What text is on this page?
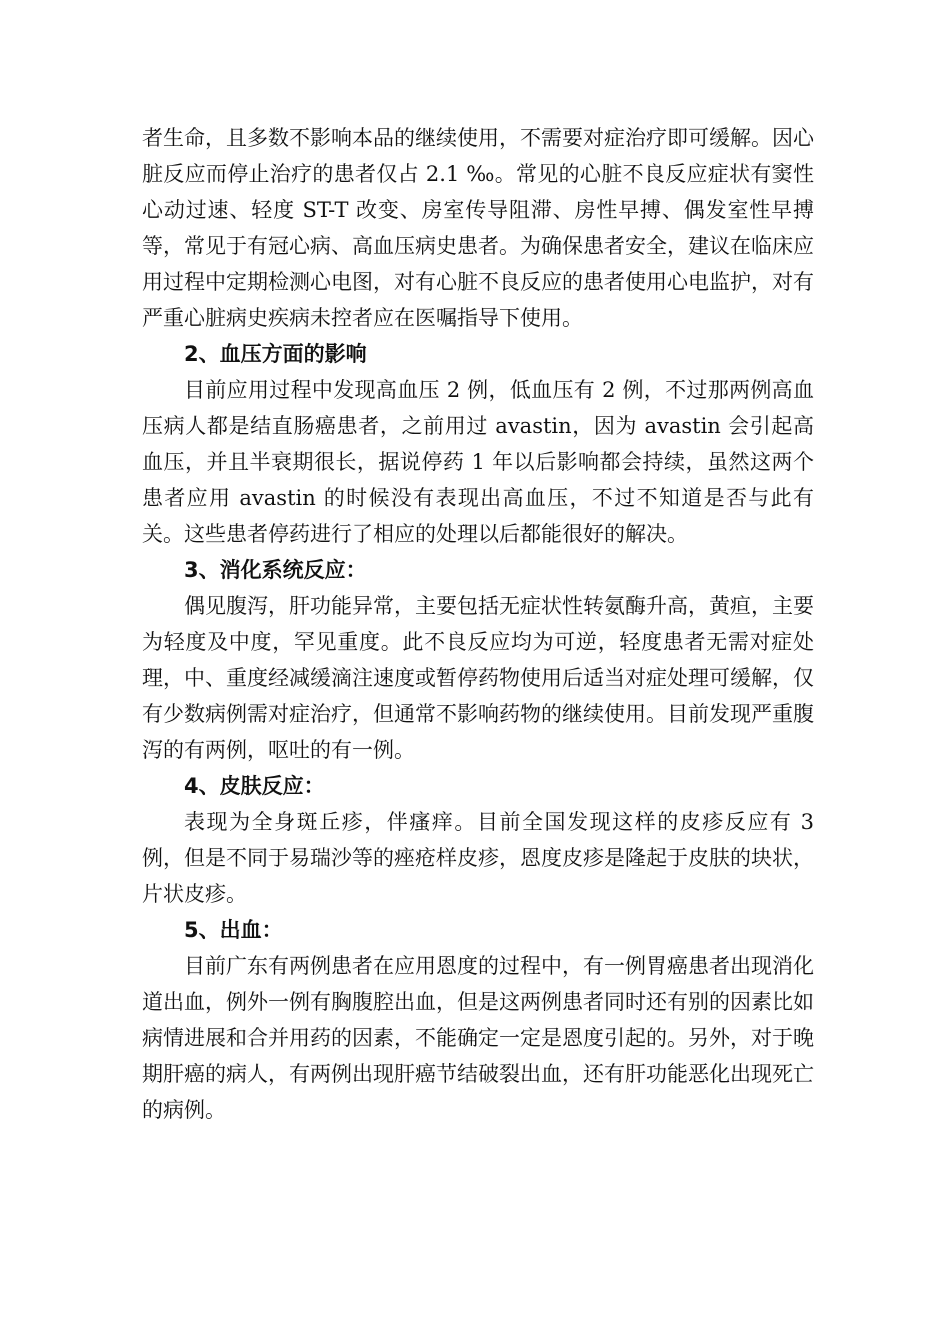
者生命，且多数不影响本品的继续使用，不需要对症治疗即可缓解。因心脏反应而停止治疗的患者仅占 2.1 ‰。常见的心脏不良反应症状有窦性心动过速、轻度 ST-T 改变、房室传导阻滞、房性早搏、偶发室性早搏等，常见于有冠心病、高血压病史患者。为确保患者安全，建议在临床应用过程中定期检测心电图，对有心脏不良反应的患者使用心电监护，对有严重心脏病史疾病未控者应在医嘱指导下使用。

2、血压方面的影响

目前应用过程中发现高血压 2 例，低血压有 2 例，不过那两例高血压病人都是结直肠癌患者，之前用过 avastin，因为 avastin 会引起高血压，并且半衰期很长，据说停药 1 年以后影响都会持续，虽然这两个患者应用 avastin 的时候没有表现出高血压，不过不知道是否与此有关。这些患者停药进行了相应的处理以后都能很好的解决。

3、消化系统反应：

偶见腹泻，肝功能异常，主要包括无症状性转氨酶升高，黄疸，主要为轻度及中度，罕见重度。此不良反应均为可逆，轻度患者无需对症处理，中、重度经减缓滴注速度或暂停药物使用后适当对症处理可缓解，仅有少数病例需对症治疗，但通常不影响药物的继续使用。目前发现严重腹泻的有两例，呕吐的有一例。

4、皮肤反应：

表现为全身斑丘疹，伴瘙痒。目前全国发现这样的皮疹反应有 3 例，但是不同于易瑞沙等的痤疮样皮疹，恩度皮疹是隆起于皮肤的块状，片状皮疹。

5、出血：

目前广东有两例患者在应用恩度的过程中，有一例胃癌患者出现消化道出血，例外一例有胸腹腔出血，但是这两例患者同时还有别的因素比如病情进展和合并用药的因素，不能确定一定是恩度引起的。另外，对于晚期肝癌的病人，有两例出现肝癌节结破裂出血，还有肝功能恶化出现死亡的病例。
